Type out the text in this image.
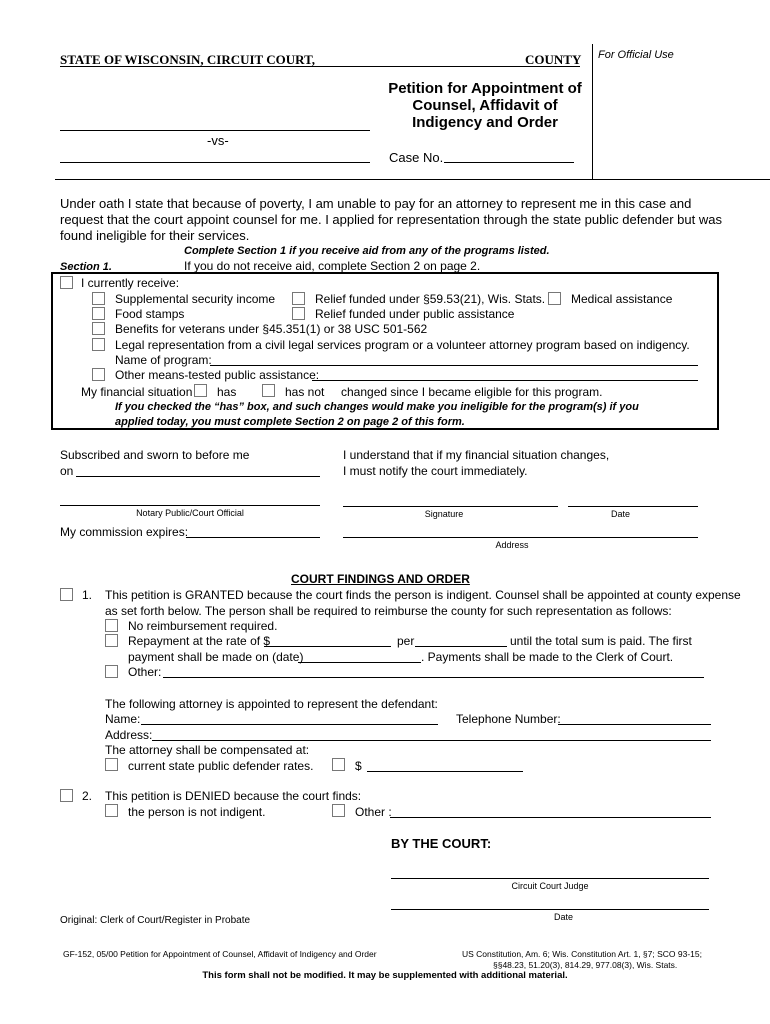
STATE OF WISCONSIN, CIRCUIT COURT,	COUNTY For Official Use
Petition for Appointment of
Counsel, Affidavit of
Indigency and Order
-vs-
Case No.
Under oath I state that because of poverty, I am unable to pay for an attorney to represent me in this case and
request that the court appoint counsel for me. I applied for representation through the state public defender but was
found ineligible for their services.
Complete Section 1 if you receive aid from any of the programs listed.
Section 1.	If you do not receive aid, complete Section 2 on page 2.
I currently receive:
Supplemental security income	Relief funded under §59.53(21), Wis. Stats. Medical assistance
Food stamps	Relief funded under public assistance
Benefits for veterans under §45.351(1) or 38 USC 501-562
Legal representation from a civil legal services program or a volunteer attorney program based on indigency.
Name of program:
Other means-tested public assistance:
My financial situation has	has not changed since I became eligible for this program.
If you checked the “has” box, and such changes would make you ineligible for the program(s) if you
applied today, you must complete Section 2 on page 2 of this form.
Subscribed and sworn to before me
on
I understand that if my financial situation changes,
I must notify the court immediately.
Notary Public/Court Official	Signature	Date
My commission expires:
Address
COURT FINDINGS AND ORDER
1. This petition is GRANTED because the court finds the person is indigent. Counsel shall be appointed at county expense
as set forth below. The person shall be required to reimburse the county for such representation as follows:
No reimbursement required.
Repayment at the rate of $	per	until the total sum is paid. The first
payment shall be made on (date)	. Payments shall be made to the Clerk of Court.
Other:
The following attorney is appointed to represent the defendant:
Name:	Telephone Number:
Address:
The attorney shall be compensated at:
current state public defender rates.	$
2. This petition is DENIED because the court finds:
the person is not indigent.	Other :
BY THE COURT:
Circuit Court Judge
Date
Original: Clerk of Court/Register in Probate
GF-152, 05/00 Petition for Appointment of Counsel, Affidavit of Indigency and Order	US Constitution, Am. 6; Wis. Constitution Art. 1, §7; SCO 93-15;
§§48.23, 51.20(3), 814.29, 977.08(3), Wis. Stats.
This form shall not be modified. It may be supplemented with additional material.
